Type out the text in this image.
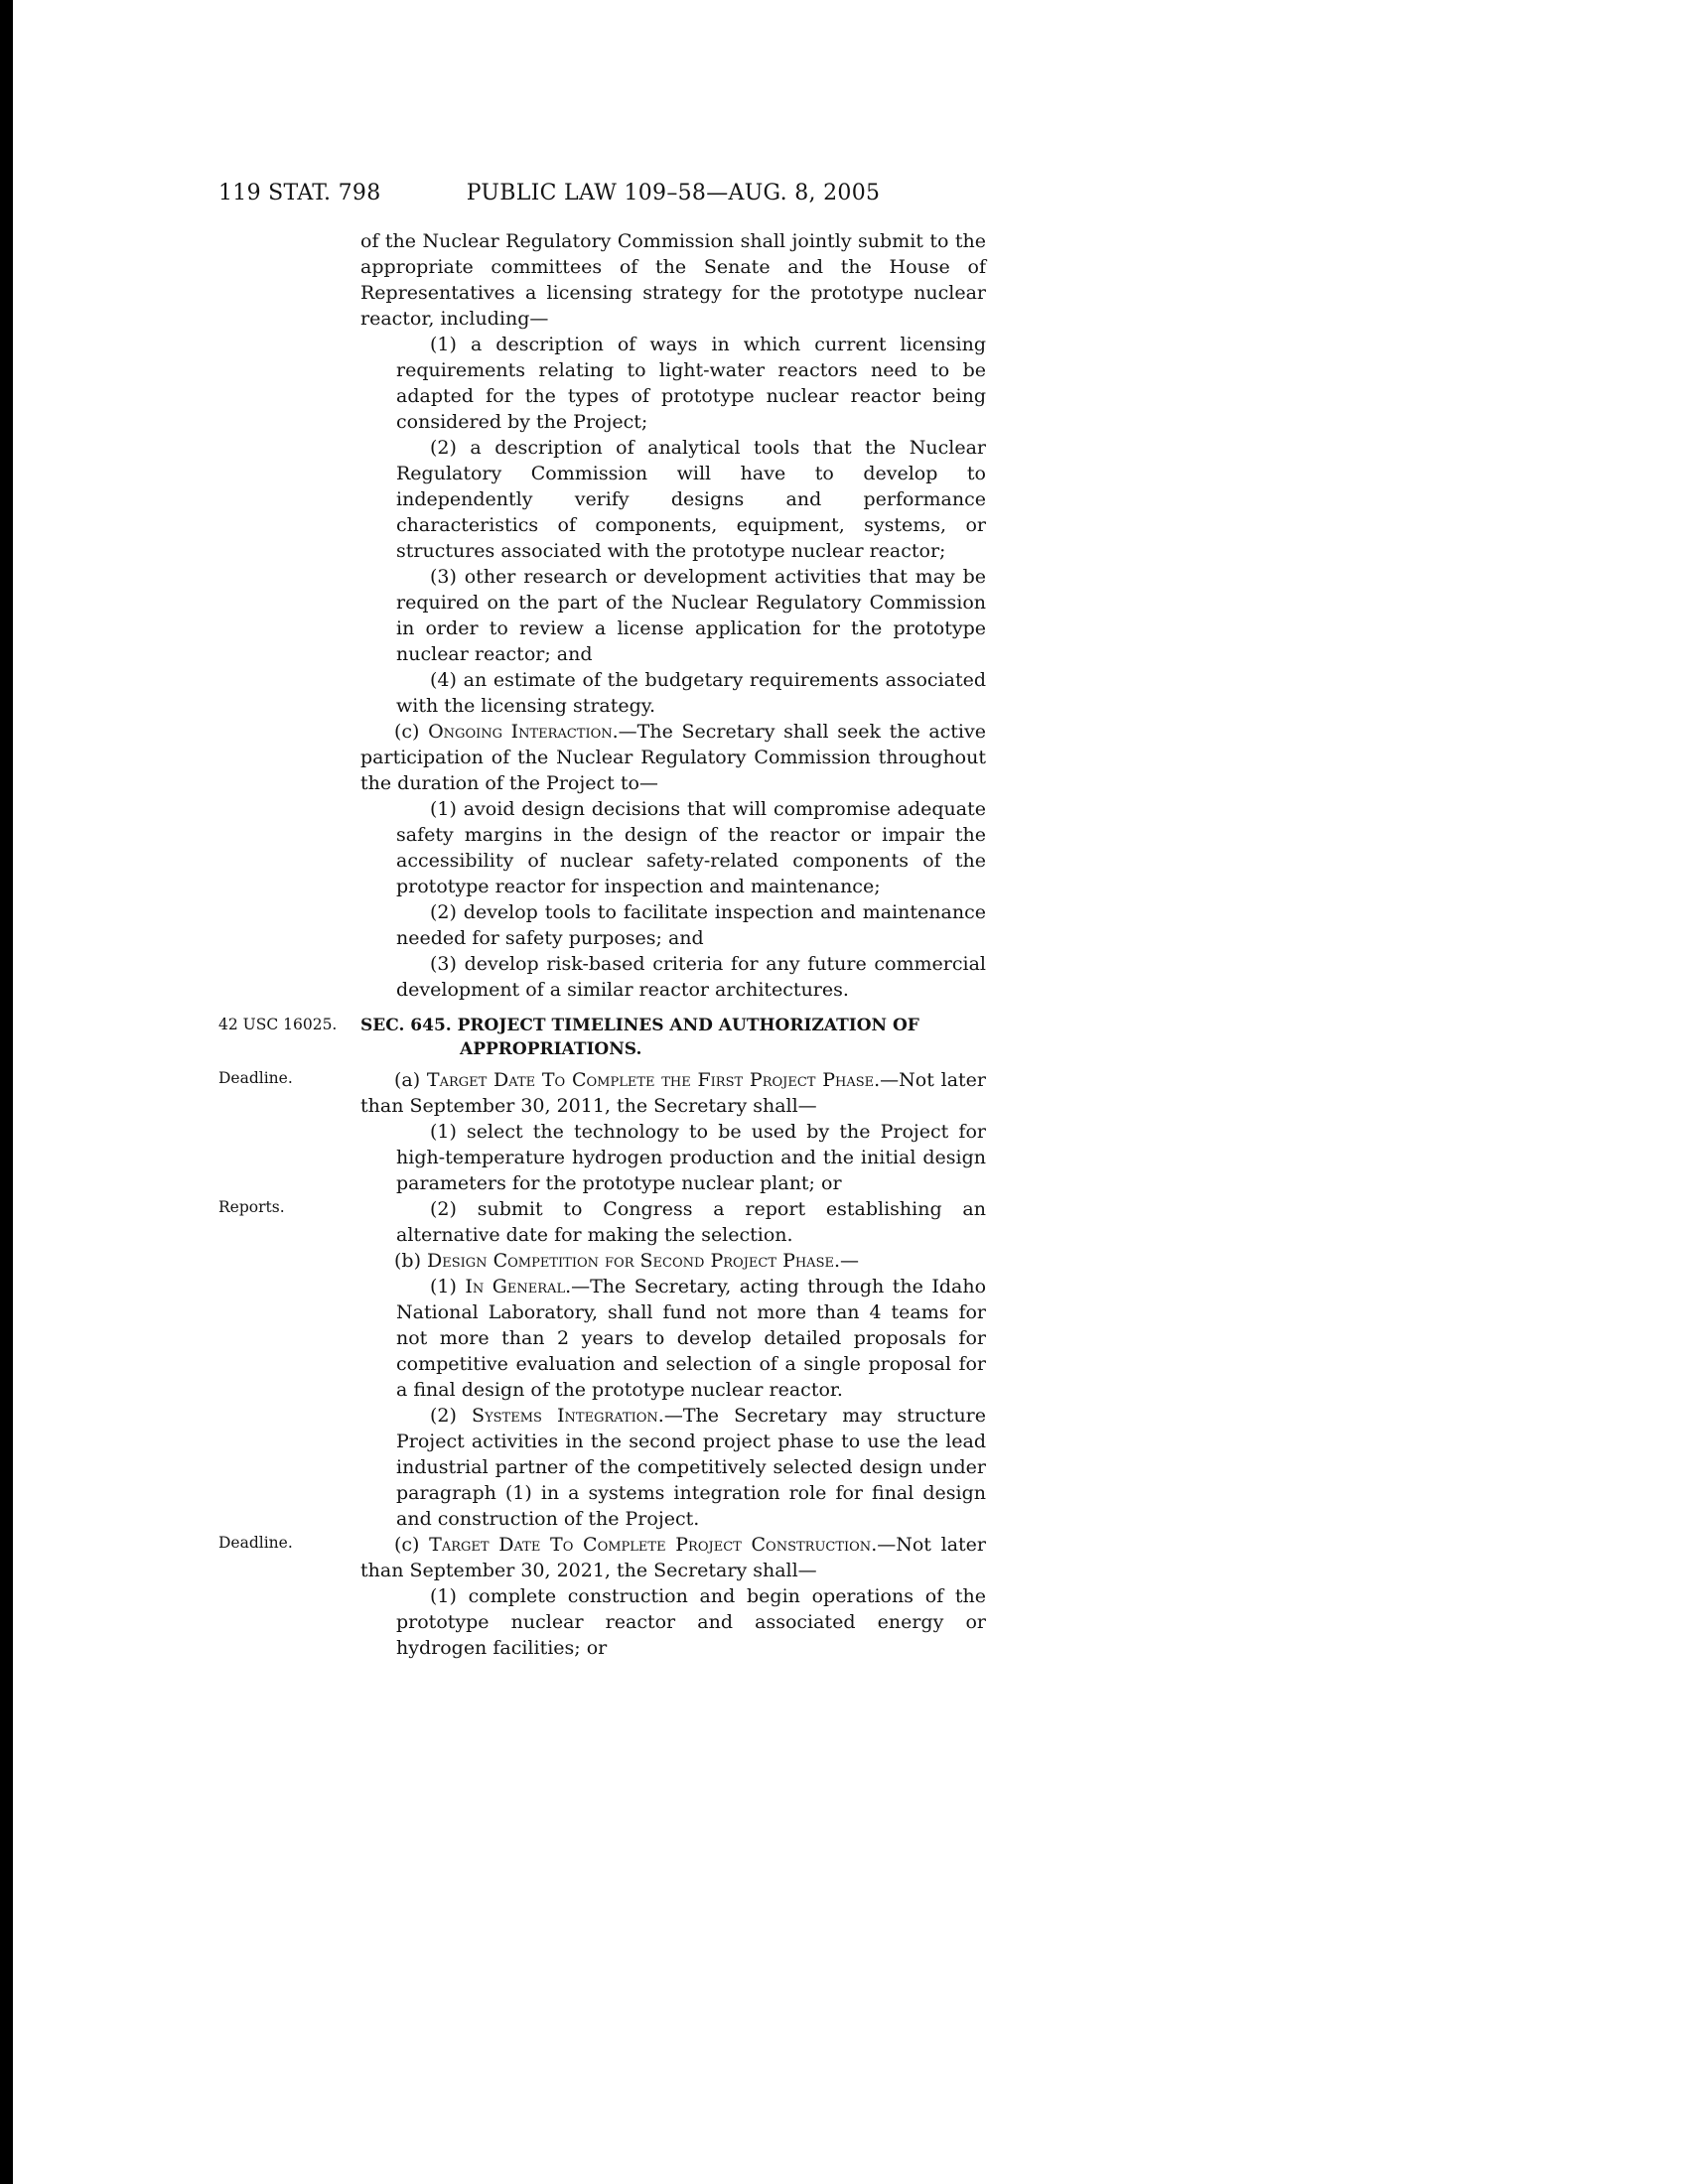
119 STAT. 798	PUBLIC LAW 109–58—AUG. 8, 2005
of the Nuclear Regulatory Commission shall jointly submit to the appropriate committees of the Senate and the House of Representatives a licensing strategy for the prototype nuclear reactor, including—
(1) a description of ways in which current licensing requirements relating to light-water reactors need to be adapted for the types of prototype nuclear reactor being considered by the Project;
(2) a description of analytical tools that the Nuclear Regulatory Commission will have to develop to independently verify designs and performance characteristics of components, equipment, systems, or structures associated with the prototype nuclear reactor;
(3) other research or development activities that may be required on the part of the Nuclear Regulatory Commission in order to review a license application for the prototype nuclear reactor; and
(4) an estimate of the budgetary requirements associated with the licensing strategy.
(c) Ongoing Interaction.—The Secretary shall seek the active participation of the Nuclear Regulatory Commission throughout the duration of the Project to—
(1) avoid design decisions that will compromise adequate safety margins in the design of the reactor or impair the accessibility of nuclear safety-related components of the prototype reactor for inspection and maintenance;
(2) develop tools to facilitate inspection and maintenance needed for safety purposes; and
(3) develop risk-based criteria for any future commercial development of a similar reactor architectures.
42 USC 16025.	SEC. 645. PROJECT TIMELINES AND AUTHORIZATION OF APPROPRIATIONS.
Deadline.	(a) Target Date To Complete the First Project Phase.—Not later than September 30, 2011, the Secretary shall—
(1) select the technology to be used by the Project for high-temperature hydrogen production and the initial design parameters for the prototype nuclear plant; or
Reports.	(2) submit to Congress a report establishing an alternative date for making the selection.
(b) Design Competition for Second Project Phase.—
(1) In General.—The Secretary, acting through the Idaho National Laboratory, shall fund not more than 4 teams for not more than 2 years to develop detailed proposals for competitive evaluation and selection of a single proposal for a final design of the prototype nuclear reactor.
(2) Systems Integration.—The Secretary may structure Project activities in the second project phase to use the lead industrial partner of the competitively selected design under paragraph (1) in a systems integration role for final design and construction of the Project.
Deadline.	(c) Target Date To Complete Project Construction.—Not later than September 30, 2021, the Secretary shall—
(1) complete construction and begin operations of the prototype nuclear reactor and associated energy or hydrogen facilities; or
